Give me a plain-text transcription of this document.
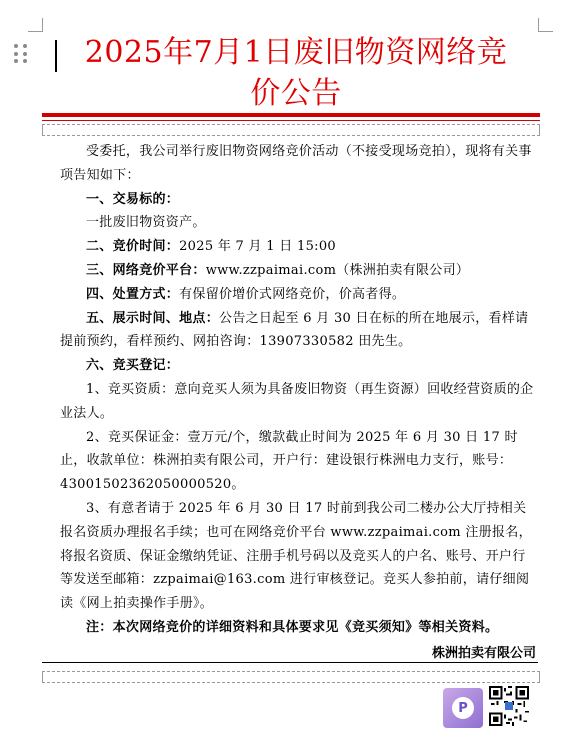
2025年7月1日废旧物资网络竞
价公告

受委托，我公司举行废旧物资网络竞价活动（不接受现场竞拍），现将有关事项告知如下：

一、交易标的：

一批废旧物资资产。

二、竞价时间：2025 年 7 月 1 日 15:00

三、网络竞价平台：www.zzpaimai.com（株洲拍卖有限公司）

四、处置方式：有保留价增价式网络竞价，价高者得。

五、展示时间、地点：公告之日起至 6 月 30 日在标的所在地展示，看样请提前预约，看样预约、网拍咨询：13907330582 田先生。

六、竞买登记：

1、竞买资质：意向竞买人须为具备废旧物资（再生资源）回收经营资质的企业法人。

2、竞买保证金：壹万元/个，缴款截止时间为 2025 年 6 月 30 日 17 时止，收款单位：株洲拍卖有限公司，开户行：建设银行株洲电力支行，账号：43001502362050000520。

3、有意者请于 2025 年 6 月 30 日 17 时前到我公司二楼办公大厅持相关报名资质办理报名手续；也可在网络竞价平台 www.zzpaimai.com 注册报名，将报名资质、保证金缴纳凭证、注册手机号码以及竞买人的户名、账号、开户行等发送至邮箱：zzpaimai@163.com 进行审核登记。竞买人参拍前，请仔细阅读《网上拍卖操作手册》。

注：本次网络竞价的详细资料和具体要求见《竞买须知》等相关资料。

株洲拍卖有限公司
P
